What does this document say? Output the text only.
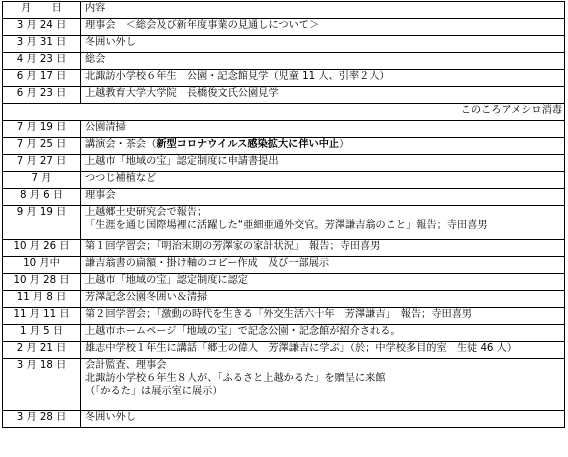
月　　日	内容
3 月 24 日	理事会　＜総会及び新年度事業の見通しについて＞
3 月 31 日	冬囲い外し
4 月 23 日	総会
6 月 17 日	北諏訪小学校６年生　公園・記念館見学（児童 11 人、引率２人）
6 月 23 日	上越教育大学大学院　長橋俊文氏公園見学
このころアメシロ消毒	
7 月 19 日	公園清掃
7 月 25 日	講演会・茶会（新型コロナウイルス感染拡大に伴い中止）
7 月 27 日	上越市「地域の宝」認定制度に申請書提出
7 月	つつじ補植など
8 月 6 日	理事会
9 月 19 日	上越郷土史研究会で報告；
「生涯を通じ国際場裡に活躍した“亜細亜通外交官。芳澤謙吉翁のこと」報告；寺田喜男

10 月 26 日	第１回学習会；「明治末期の芳澤家の家計状況」　報告；寺田喜男
10 月中	謙吉翁書の扁額・掛け軸のコピー作成　及び一部展示
10 月 28 日	上越市「地域の宝」認定制度に認定
11 月 8 日	芳澤記念公園冬囲い＆清掃
11 月 11 日	第２回学習会；「激動の時代を生きる「外交生活六十年　芳澤謙吉」　報告；寺田喜男
1 月 5 日	上越市ホームページ「地域の宝」で記念公園・記念館が紹介される。
2 月 21 日	雄志中学校１年生に講話「郷土の偉人　芳澤謙吉に学ぶ」（於；中学校多目的室　生徒 46 人）
3 月 18 日	会計監査、理事会
北諏訪小学校６年生８人が、「ふるさと上越かるた」を贈呈に来館
（「かるた」は展示室に展示）

3 月 28 日	冬囲い外し
